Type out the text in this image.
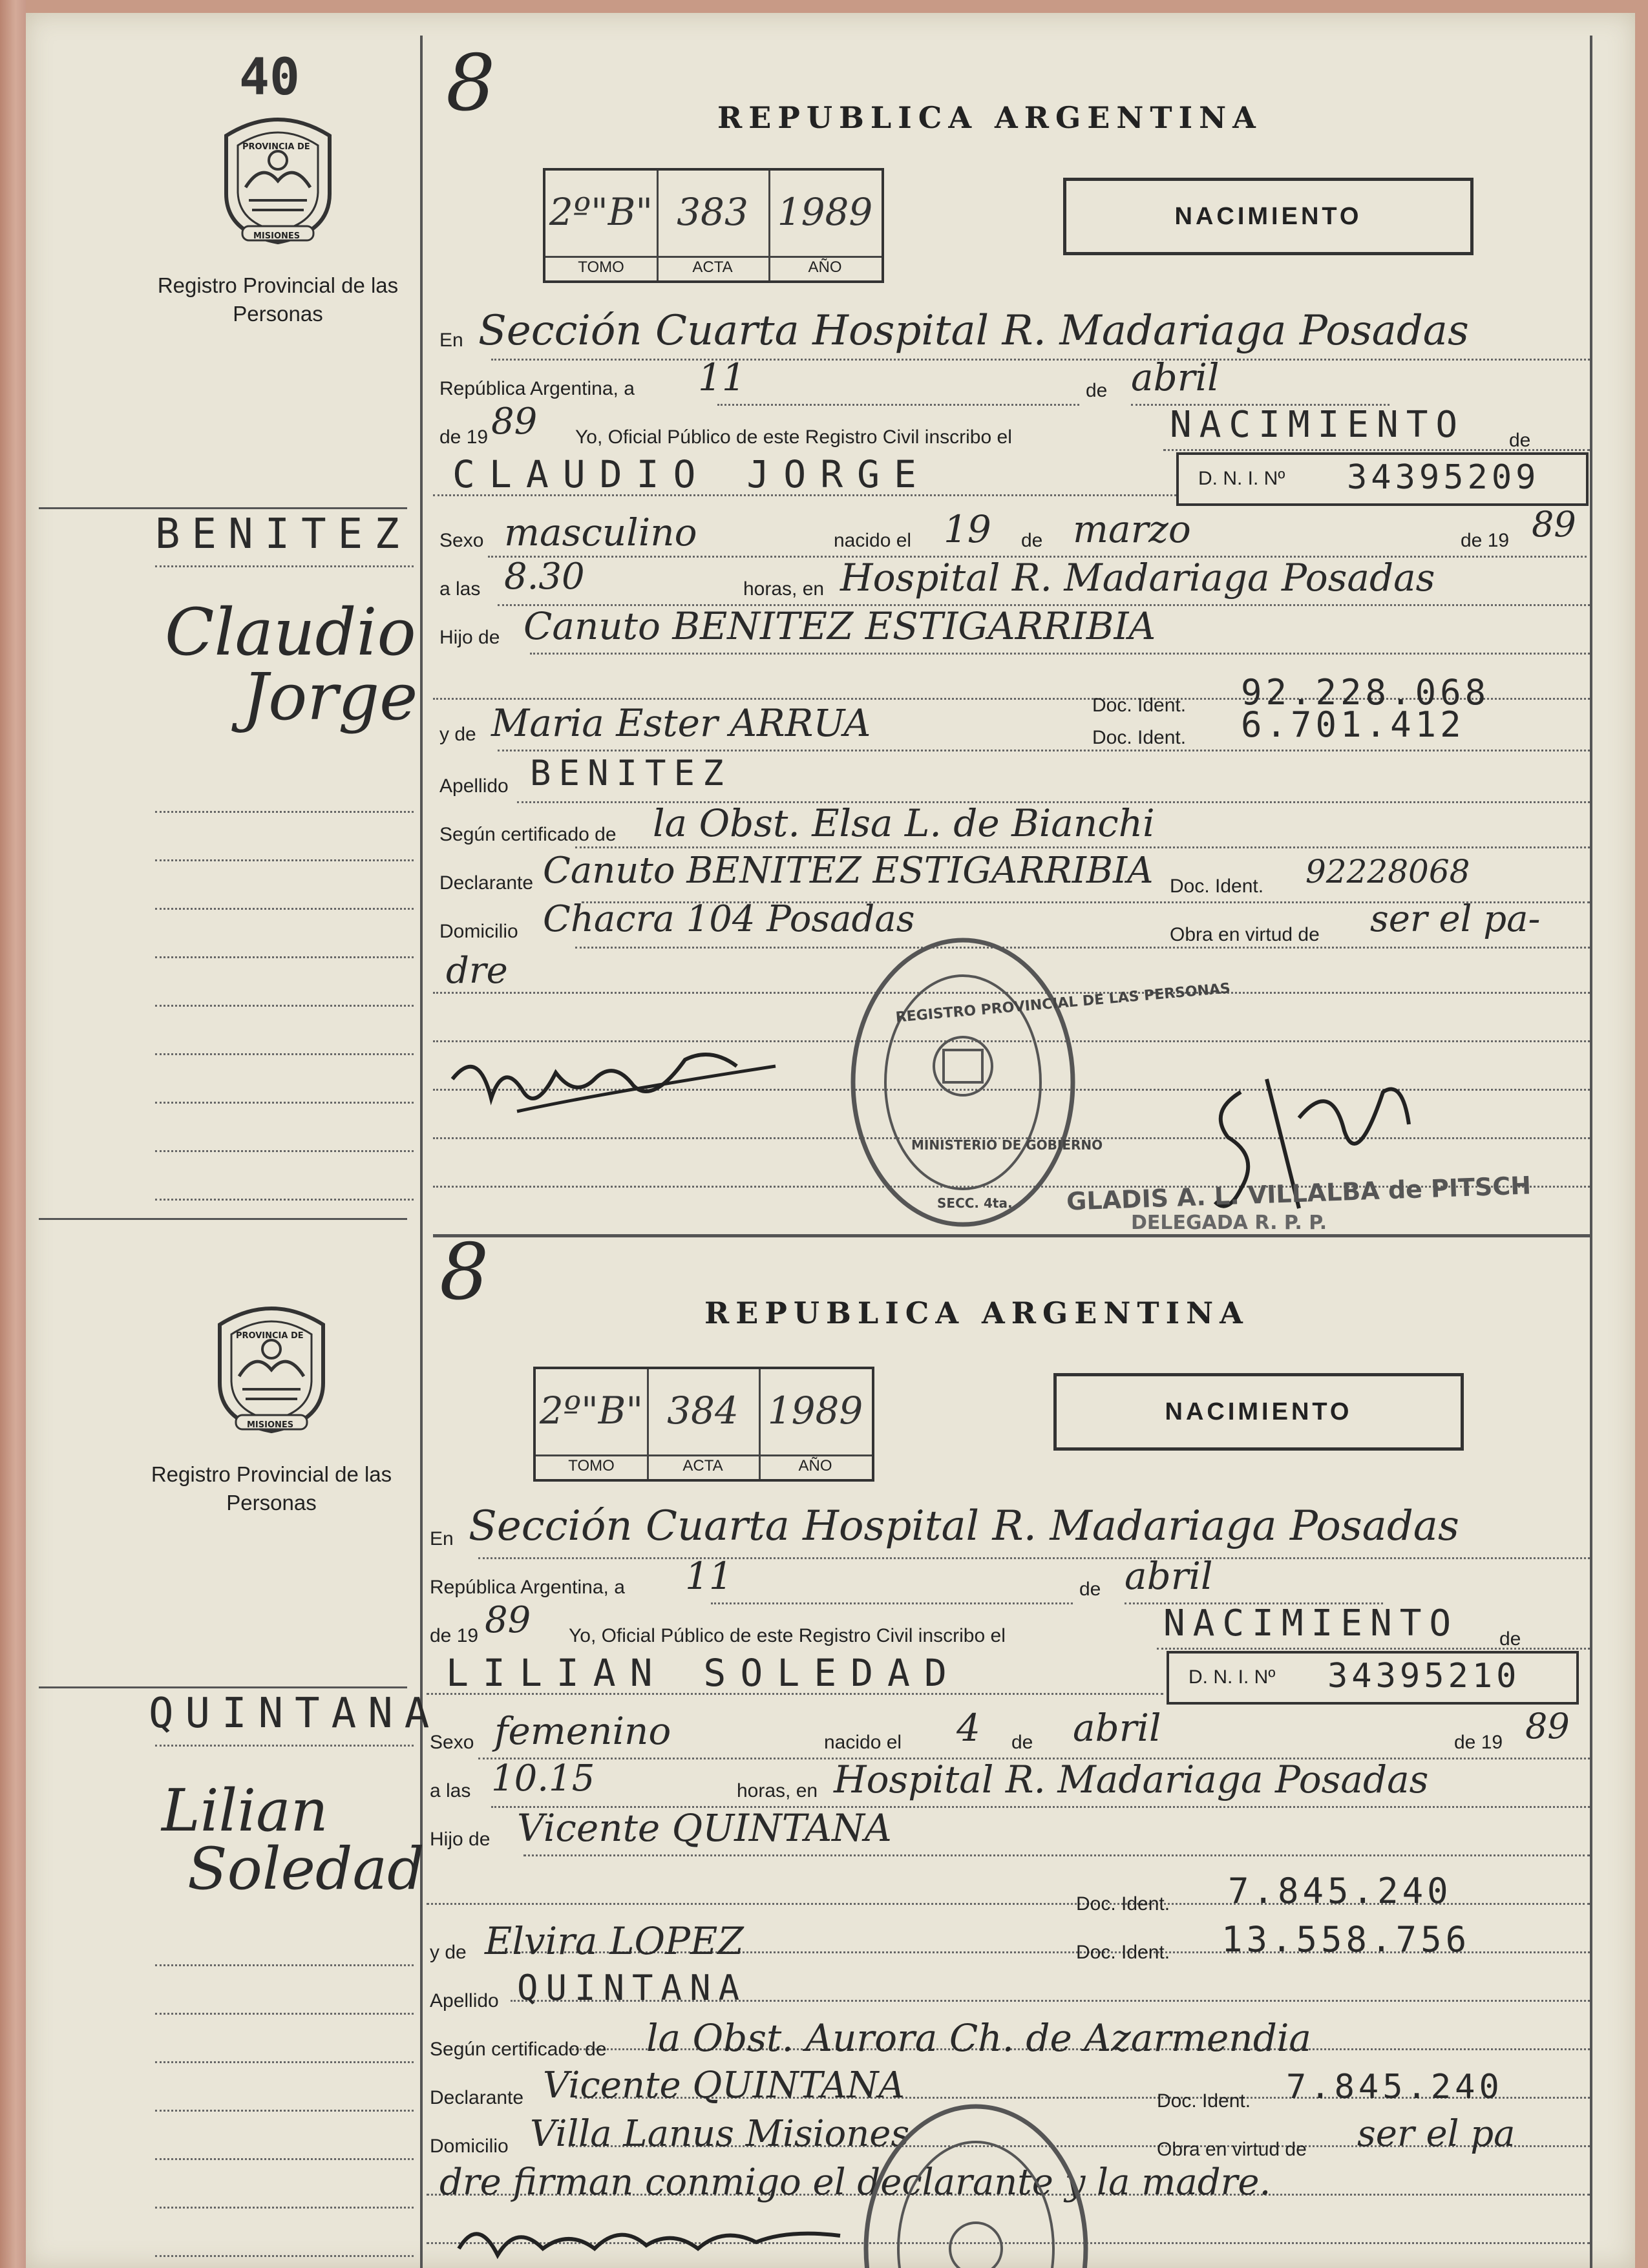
40 8	REPUBLICA ARGENTINA
PROVINCIA DE
MISIONES
Registro Provincial de las Personas
2º"B" 383 1989
TOMO	ACTA	AÑO
NACIMIENTO
BENITEZ
Claudio
Jorge
En Sección Cuarta Hospital R. Madariaga Posadas
República Argentina, a 11	de abril
de 19 89 Yo, Oficial Público de este Registro Civil inscribo el	NACIMIENTO de
CLAUDIO JORGE	D. N. I. Nº 34395209
Sexo masculino	nacido el 19 de marzo	de 19 89
a las 8.30	horas, en Hospital R. Madariaga Posadas
Hijo de Canuto BENITEZ ESTIGARRIBIA
Doc. Ident. 92.228.068
y de Maria Ester ARRUA	Doc. Ident. 6.701.412
Apellido BENITEZ
Según certificado de la Obst. Elsa L. de Bianchi
Declarante Canuto BENITEZ ESTIGARRIBIA Doc. Ident. 92228068
Domicilio Chacra 104 Posadas	Obra en virtud de ser el pa-
dre
REGISTRO PROVINCIAL DE LAS PERSONAS
MINISTERIO DE GOBIERNO
SECC. 4ta. GLADIS A. L. VILLALBA de PITSCH
DELEGADA R. P. P.
8	REPUBLICA ARGENTINA
PROVINCIA DE
MISIONES
Registro Provincial de las Personas
2º"B" 384 1989
TOMO	ACTA	AÑO
NACIMIENTO
QUINTANA
Lilian
Soledad
En Sección Cuarta Hospital R. Madariaga Posadas
República Argentina, a 11	de abril
de 19 89 Yo, Oficial Público de este Registro Civil inscribo el	NACIMIENTO de
LILIAN SOLEDAD	D. N. I. Nº 34395210
Sexo femenino	nacido el 4 de abril	de 19 89
a las 10.15	horas, en Hospital R. Madariaga Posadas
Hijo de Vicente QUINTANA
Doc. Ident. 7.845.240
y de Elvira LOPEZ	Doc. Ident. 13.558.756
Apellido QUINTANA
Según certificado de la Obst. Aurora Ch. de Azarmendia
Declarante Vicente QUINTANA	Doc. Ident. 7.845.240
Domicilio Villa Lanus Misiones	Obra en virtud de ser el pa
dre firman conmigo el declarante y la madre.
